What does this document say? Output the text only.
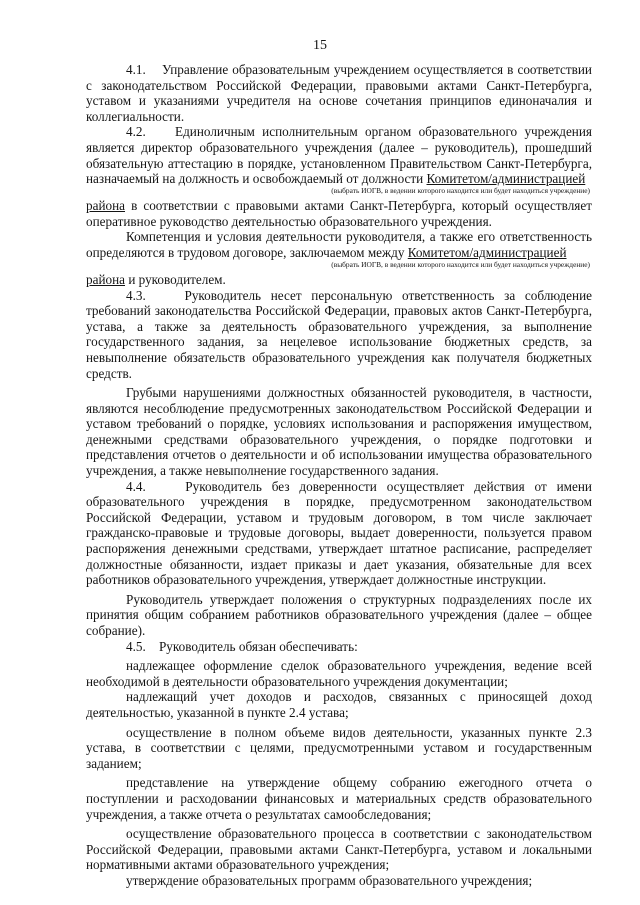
15

4.1.    Управление образовательным учреждением осуществляется в соответствии с законодательством Российской Федерации, правовыми актами Санкт-Петербурга, уставом и указаниями учредителя на основе сочетания принципов единоначалия и коллегиальности.

4.2.    Единоличным исполнительным органом образовательного учреждения является директор образовательного учреждения (далее – руководитель), прошедший обязательную аттестацию в порядке, установленном Правительством Санкт-Петербурга, назначаемый на должность и освобождаемый от должности Комитетом/администрацией

(выбрать ИОГВ, в ведении которого находится или будет находиться учреждение)

района в соответствии с правовыми актами Санкт-Петербурга, который осуществляет оперативное руководство деятельностью образовательного учреждения.

Компетенция и условия деятельности руководителя, а также его ответственность определяются в трудовом договоре, заключаемом между Комитетом/администрацией

(выбрать ИОГВ, в ведении которого находится или будет находиться учреждение)

района и руководителем.

4.3.    Руководитель несет персональную ответственность за соблюдение требований законодательства Российской Федерации, правовых актов Санкт-Петербурга, устава, а также за деятельность образовательного учреждения, за выполнение государственного задания, за нецелевое использование бюджетных средств, за невыполнение обязательств образовательного учреждения как получателя бюджетных средств.

Грубыми нарушениями должностных обязанностей руководителя, в частности, являются несоблюдение предусмотренных законодательством Российской Федерации и уставом требований о порядке, условиях использования и распоряжения имуществом, денежными средствами образовательного учреждения, о порядке подготовки и представления отчетов о деятельности и об использовании имущества образовательного учреждения, а также невыполнение государственного задания.

4.4.    Руководитель без доверенности осуществляет действия от имени образовательного учреждения в порядке, предусмотренном законодательством Российской Федерации, уставом и трудовым договором, в том числе заключает гражданско-правовые и трудовые договоры, выдает доверенности, пользуется правом распоряжения денежными средствами, утверждает штатное расписание, распределяет должностные обязанности, издает приказы и дает указания, обязательные для всех работников образовательного учреждения, утверждает должностные инструкции.

Руководитель утверждает положения о структурных подразделениях после их принятия общим собранием работников образовательного учреждения (далее – общее собрание).

4.5.    Руководитель обязан обеспечивать:

надлежащее оформление сделок образовательного учреждения, ведение всей необходимой в деятельности образовательного учреждения документации;

надлежащий учет доходов и расходов, связанных с приносящей доход деятельностью, указанной в пункте 2.4 устава;

осуществление в полном объеме видов деятельности, указанных пункте 2.3 устава, в соответствии с целями, предусмотренными уставом и государственным заданием;

представление на утверждение общему собранию ежегодного отчета о поступлении и расходовании финансовых и материальных средств образовательного учреждения, а также отчета о результатах самообследования;

осуществление образовательного процесса в соответствии с законодательством Российской Федерации, правовыми актами Санкт-Петербурга, уставом и локальными нормативными актами образовательного учреждения;

утверждение образовательных программ образовательного учреждения;
